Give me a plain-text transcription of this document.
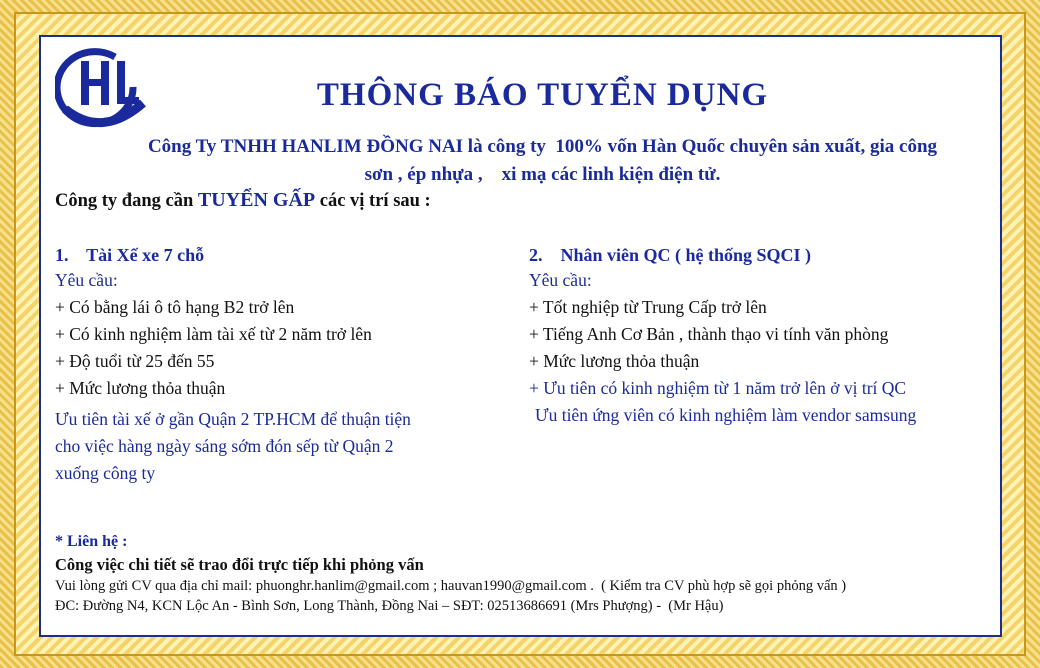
THÔNG BÁO TUYỂN DỤNG
Công Ty TNHH HANLIM ĐỒNG NAI là công ty  100% vốn Hàn Quốc chuyên sản xuất, gia công
sơn , ép nhựa ,    xi mạ các linh kiện điện tử.
Công ty đang cần TUYỂN GẤP các vị trí sau :
1.    Tài Xế xe 7 chỗ
Yêu cầu:
+ Có bằng lái ô tô hạng B2 trở lên
+ Có kinh nghiệm làm tài xế từ 2 năm trở lên
+ Độ tuổi từ 25 đến 55
+ Mức lương thỏa thuận
Ưu tiên tài xế ở gần Quận 2 TP.HCM để thuận tiện
cho việc hàng ngày sáng sớm đón sếp từ Quận 2
xuống công ty
2.    Nhân viên QC ( hệ thống SQCI )
Yêu cầu:
+ Tốt nghiệp từ Trung Cấp trở lên
+ Tiếng Anh Cơ Bản , thành thạo vi tính văn phòng
+ Mức lương thỏa thuận
+ Ưu tiên có kinh nghiệm từ 1 năm trở lên ở vị trí QC
Ưu tiên ứng viên có kinh nghiệm làm vendor samsung
* Liên hệ :
Công việc chi tiết sẽ trao đổi trực tiếp khi phỏng vấn
Vui lòng gửi CV qua địa chỉ mail: phuonghr.hanlim@gmail.com ; hauvan1990@gmail.com .  ( Kiểm tra CV phù hợp sẽ gọi phỏng vấn )
ĐC: Đường N4, KCN Lộc An - Bình Sơn, Long Thành, Đồng Nai – SĐT: 02513686691 (Mrs Phượng) -  (Mr Hậu)
